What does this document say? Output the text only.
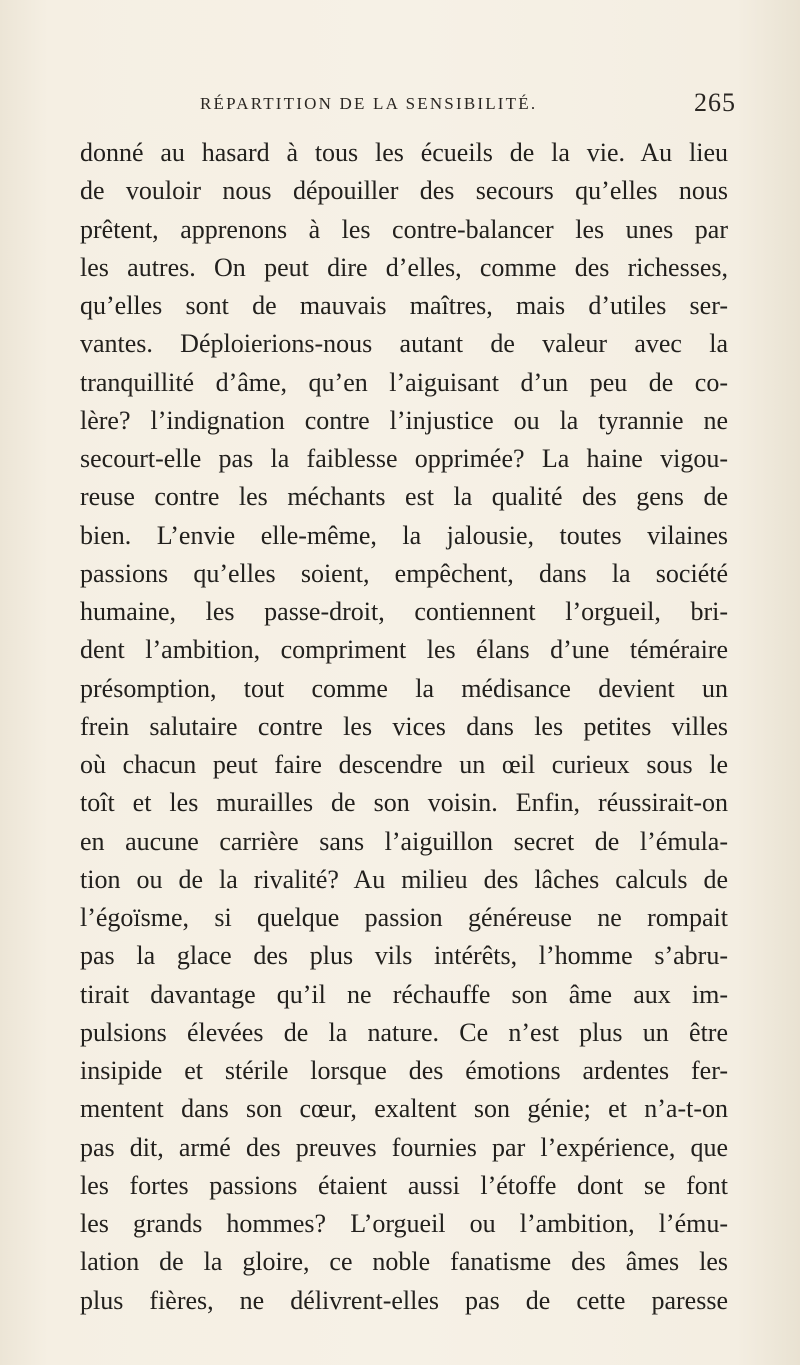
RÉPARTITION DE LA SENSIBILITÉ.	265
donné au hasard à tous les écueils de la vie. Au lieu
de vouloir nous dépouiller des secours qu’elles nous
prêtent, apprenons à les contre-balancer les unes par
les autres. On peut dire d’elles, comme des richesses,
qu’elles sont de mauvais maîtres, mais d’utiles ser-
vantes. Déploierions-nous autant de valeur avec la
tranquillité d’âme, qu’en l’aiguisant d’un peu de co-
lère? l’indignation contre l’injustice ou la tyrannie ne
secourt-elle pas la faiblesse opprimée? La haine vigou-
reuse contre les méchants est la qualité des gens de
bien. L’envie elle-même, la jalousie, toutes vilaines
passions qu’elles soient, empêchent, dans la société
humaine, les passe-droit, contiennent l’orgueil, bri-
dent l’ambition, compriment les élans d’une téméraire
présomption, tout comme la médisance devient un
frein salutaire contre les vices dans les petites villes
où chacun peut faire descendre un œil curieux sous le
toît et les murailles de son voisin. Enfin, réussirait-on
en aucune carrière sans l’aiguillon secret de l’émula-
tion ou de la rivalité? Au milieu des lâches calculs de
l’égoïsme, si quelque passion généreuse ne rompait
pas la glace des plus vils intérêts, l’homme s’abru-
tirait davantage qu’il ne réchauffe son âme aux im-
pulsions élevées de la nature. Ce n’est plus un être
insipide et stérile lorsque des émotions ardentes fer-
mentent dans son cœur, exaltent son génie; et n’a-t-on
pas dit, armé des preuves fournies par l’expérience, que
les fortes passions étaient aussi l’étoffe dont se font
les grands hommes? L’orgueil ou l’ambition, l’ému-
lation de la gloire, ce noble fanatisme des âmes les
plus fières, ne délivrent-elles pas de cette paresse
